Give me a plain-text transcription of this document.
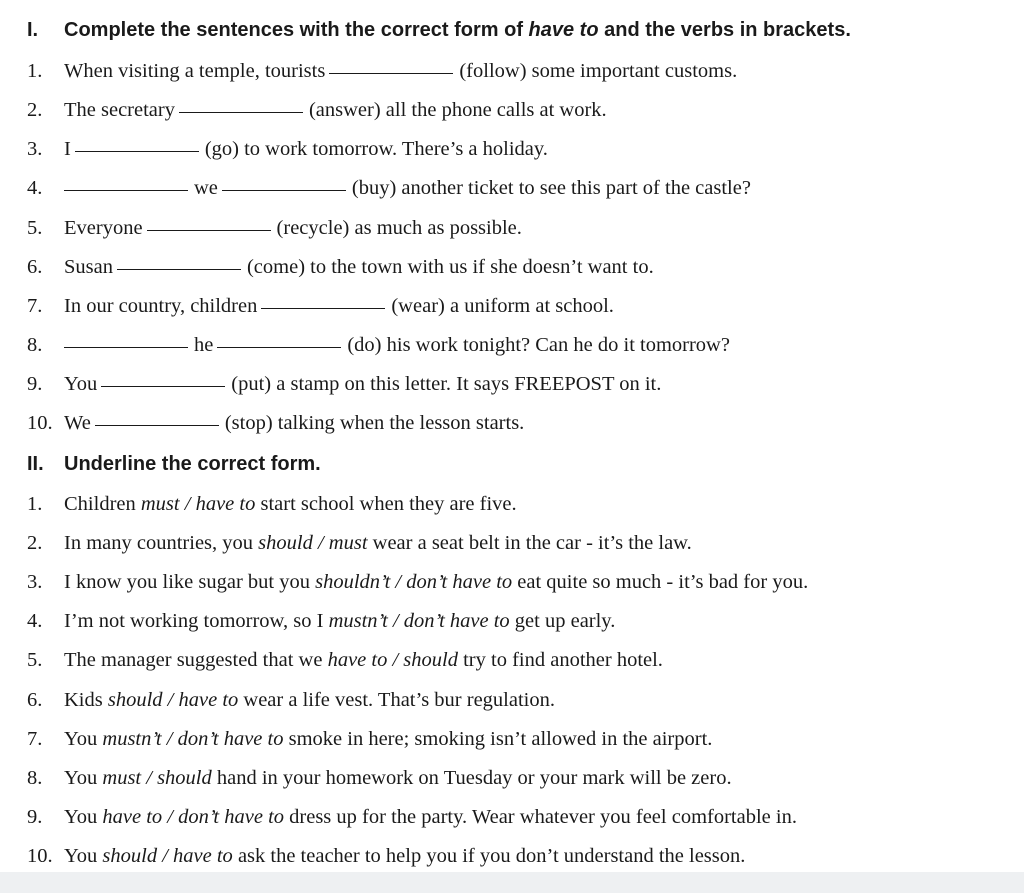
I. Complete the sentences with the correct form of have to and the verbs in brackets.
1. When visiting a temple, tourists	(follow) some important customs.
2. The secretary	(answer) all the phone calls at work.
3. I	(go) to work tomorrow. There’s a holiday.
4.	we	(buy) another ticket to see this part of the castle?
5. Everyone	(recycle) as much as possible.
6. Susan	(come) to the town with us if she doesn’t want to.
7. In our country, children	(wear) a uniform at school.
8.	he	(do) his work tonight? Can he do it tomorrow?
9. You	(put) a stamp on this letter. It says FREEPOST on it.
10. We	(stop) talking when the lesson starts.
II. Underline the correct form.
1. Children must / have to start school when they are five.
2. In many countries, you should / must wear a seat belt in the car - it’s the law.
3. I know you like sugar but you shouldn’t / don’t have to eat quite so much - it’s bad for you.
4. I’m not working tomorrow, so I mustn’t / don’t have to get up early.
5. The manager suggested that we have to / should try to find another hotel.
6. Kids should / have to wear a life vest. That’s bur regulation.
7. You mustn’t / don’t have to smoke in here; smoking isn’t allowed in the airport.
8. You must / should hand in your homework on Tuesday or your mark will be zero.
9. You have to / don’t have to dress up for the party. Wear whatever you feel comfortable in.
10. You should / have to ask the teacher to help you if you don’t understand the lesson.
